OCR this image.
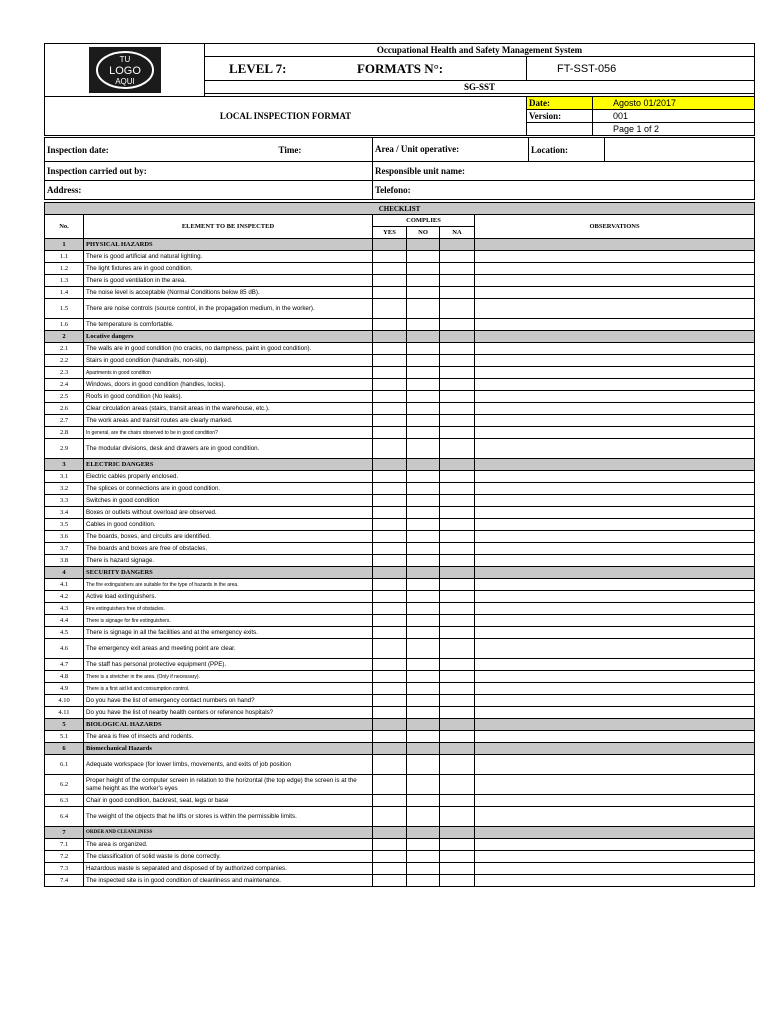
TU
LOGO
AQUI	Occupational Health and Safety Management System		
	LEVEL 7: FORMATS N°:	FT-SST-056	
	SG-SST		

LOCAL INSPECTION FORMAT		Date:	Agosto 01/2017
		Version:	001
			Page 1 of 2
Inspection date:	Time:	Area / Unit operative:	Location:	
Inspection carried out by:		Responsible unit name:		
Address:		Telefono:		
CHECKLIST					
No.	ELEMENT TO BE INSPECTED	COMPLIES			OBSERVATIONS
		YES	NO	NA	
1	PHYSICAL HAZARDS				
1.1	There is good artificial and natural lighting.				
1.2	The light fixtures are in good condition.				
1.3	There is good ventilation in the area.				
1.4	The noise level is acceptable (Normal Conditions below 85 dB).				
1.5	There are noise controls (source control, in the propagation medium, in the worker).				
1.6	The temperature is comfortable.				
2	Locative dangers				
2.1	The walls are in good condition (no cracks, no dampness, paint in good condition).				
2.2	Stairs in good condition (handrails, non-slip).				
2.3	Apartments in good condition				
2.4	Windows, doors in good condition (handles, locks).				
2.5	Roofs in good condition (No leaks).				
2.6	Clear circulation areas (stairs, transit areas in the warehouse, etc.).				
2.7	The work areas and transit routes are clearly marked.				
2.8	In general, are the chairs observed to be in good condition?				
2.9	The modular divisions, desk and drawers are in good condition.				
3	ELECTRIC DANGERS				
3.1	Electric cables properly enclosed.				
3.2	The splices or connections are in good condition.				
3.3	Switches in good condition				
3.4	Boxes or outlets without overload are observed.				
3.5	Cables in good condition.				
3.6	The boards, boxes, and circuits are identified.				
3.7	The boards and boxes are free of obstacles.				
3.8	There is hazard signage.				
4	SECURITY DANGERS				
4.1	The fire extinguishers are suitable for the type of hazards in the area.				
4.2	Active load extinguishers.				
4.3	Fire extinguishers free of obstacles.				
4.4	There is signage for fire extinguishers.				
4.5	There is signage in all the facilities and at the emergency exits.				
4.6	The emergency exit areas and meeting point are clear.				
4.7	The staff has personal protective equipment (PPE).				
4.8	There is a stretcher in the area. (Only if necessary).				
4.9	There is a first aid kit and consumption control.				
4.10	Do you have the list of emergency contact numbers on hand?				
4.11	Do you have the list of nearby health centers or reference hospitals?				
5	BIOLOGICAL HAZARDS				
5.1	The area is free of insects and rodents.				
6	Biomechanical Hazards				
6.1	Adequate workspace (for lower limbs, movements, and exits of job position				
6.2	Proper height of the computer screen in relation to the horizontal (the top edge) the screen is at the same height as the worker's eyes				
6.3	Chair in good condition, backrest, seat, legs or base				
6.4	The weight of the objects that he lifts or stores is within the permissible limits.				
7	ORDER AND CLEANLINESS				
7.1	The area is organized.				
7.2	The classification of solid waste is done correctly.				
7.3	Hazardous waste is separated and disposed of by authorized companies.				
7.4	The inspected site is in good condition of cleanliness and maintenance.				
